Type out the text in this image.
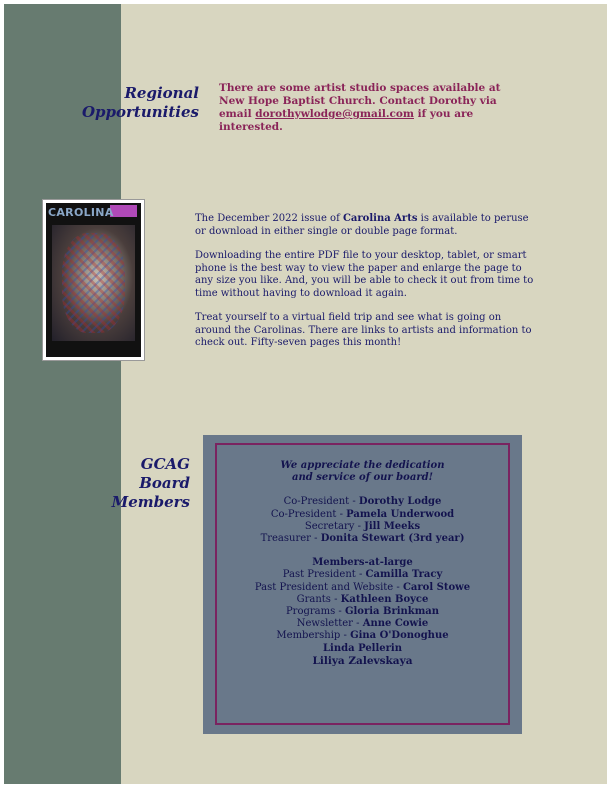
Regional
Opportunities
There are some artist studio spaces available at New Hope Baptist Church. Contact Dorothy via email dorothywlodge@gmail.com if you are interested.
CAROLINA	The December 2022 issue of Carolina Arts is available to peruse or download in either single or double page format.

Downloading the entire PDF file to your desktop, tablet, or smart phone is the best way to view the paper and enlarge the page to any size you like. And, you will be able to check it out from time to time without having to download it again.

Treat yourself to a virtual field trip and see what is going on around the Carolinas. There are links to artists and information to check out. Fifty-seven pages this month!

GCAG
Board
Members
We appreciate the dedication
and service of our board!
Co-President - Dorothy Lodge
Co-President - Pamela Underwood
Secretary - Jill Meeks
Treasurer - Donita Stewart (3rd year)
Members-at-large
Past President - Camilla Tracy
Past President and Website - Carol Stowe
Grants - Kathleen Boyce
Programs - Gloria Brinkman
Newsletter - Anne Cowie
Membership - Gina O'Donoghue
Linda Pellerin
Liliya Zalevskaya
